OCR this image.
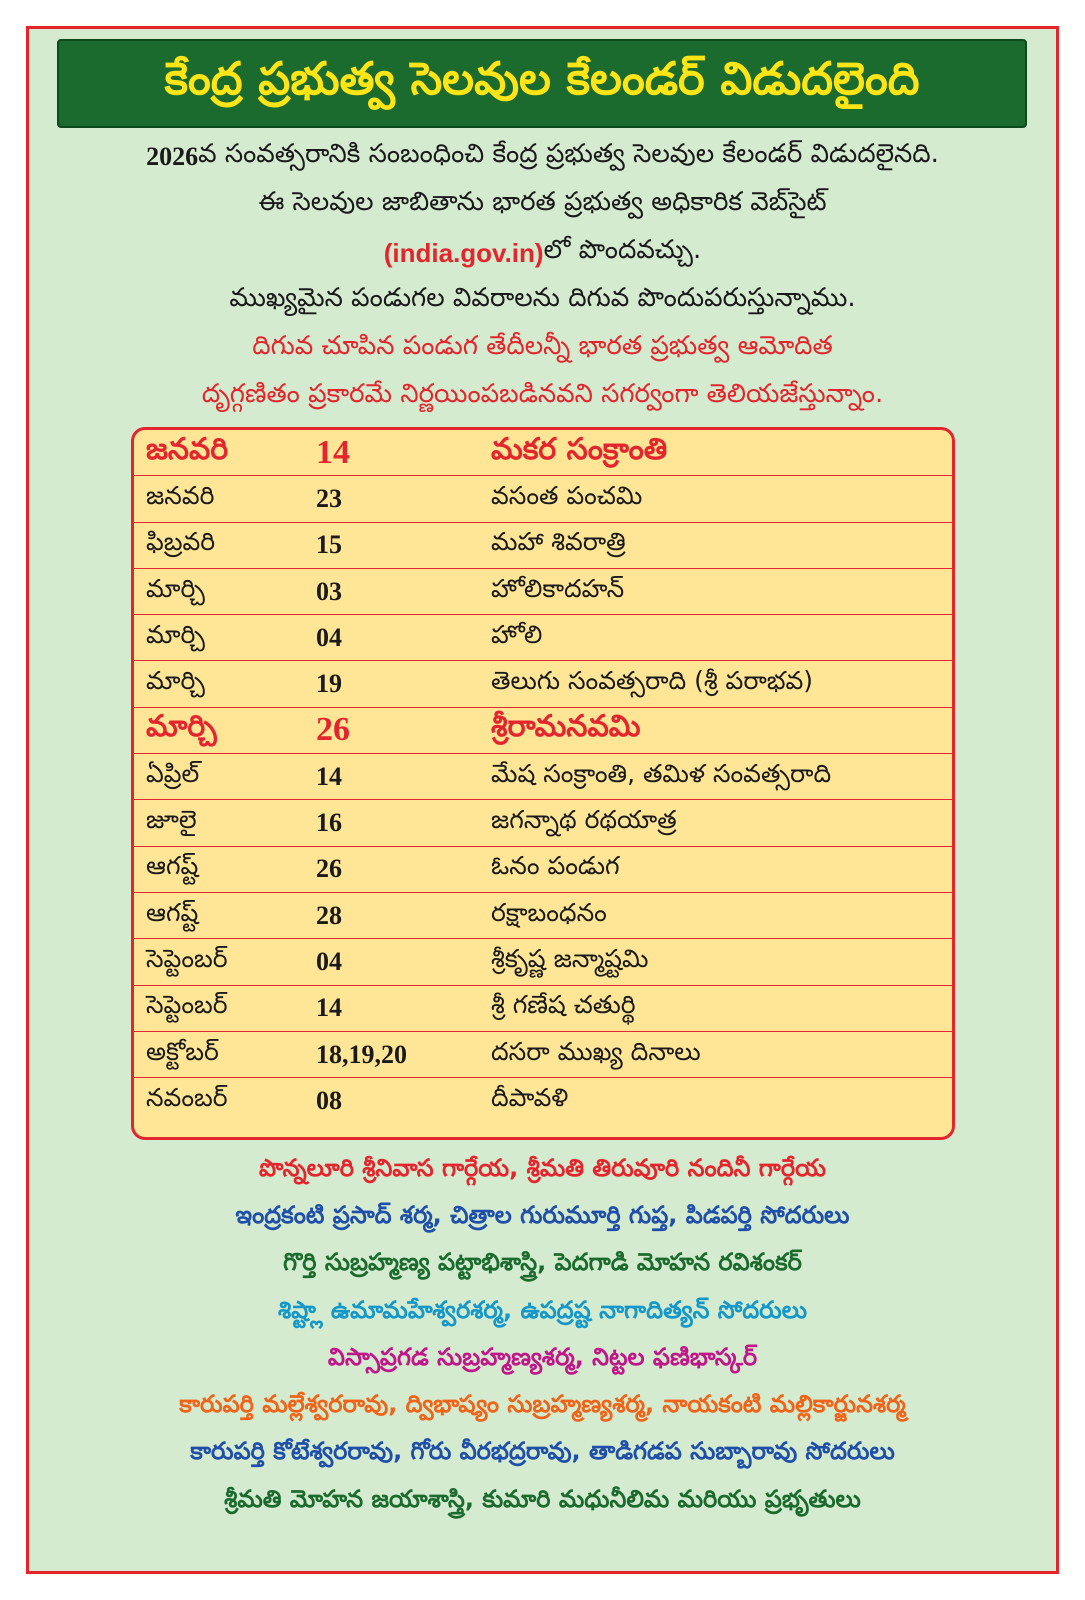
కేంద్ర ప్రభుత్వ సెలవుల కేలండర్ విడుదలైంది
2026 వ సంవత్సరానికి సంబంధించి కేంద్ర ప్రభుత్వ సెలవుల కేలండర్ విడుదలైనది.
ఈ సెలవుల జాబితాను భారత ప్రభుత్వ అధికారిక వెబ్‌సైట్
(india.gov.in) లో పొందవచ్చు.
ముఖ్యమైన పండుగల వివరాలను దిగువ పొందుపరుస్తున్నాము.
దిగువ చూపిన పండుగ తేదీలన్నీ భారత ప్రభుత్వ ఆమోదిత
దృగ్గణితం ప్రకారమే నిర్ణయింపబడినవని సగర్వంగా తెలియజేస్తున్నాం.
జనవరి	14	మకర సంక్రాంతి
జనవరి	23	వసంత పంచమి
ఫిబ్రవరి	15	మహా శివరాత్రి
మార్చి	03	హోలికాదహన్
మార్చి	04	హోలి
మార్చి	19	తెలుగు సంవత్సరాది (శ్రీ పరాభవ)
మార్చి	26	శ్రీరామనవమి
ఏప్రిల్	14	మేష సంక్రాంతి, తమిళ సంవత్సరాది
జూలై	16	జగన్నాథ రథయాత్ర
ఆగష్ట్	26	ఓనం పండుగ
ఆగష్ట్	28	రక్షాబంధనం
సెప్టెంబర్	04	శ్రీకృష్ణ జన్మాష్టమి
సెప్టెంబర్	14	శ్రీ గణేష చతుర్థి
అక్టోబర్	18,19,20	దసరా ముఖ్య దినాలు
నవంబర్	08	దీపావళి
పొన్నలూరి శ్రీనివాస గార్గేయ, శ్రీమతి తిరువూరి నందినీ గార్గేయ
ఇంద్రకంటి ప్రసాద్ శర్మ, చిత్రాల గురుమూర్తి గుప్త, పిడపర్తి సోదరులు
గొర్తి సుబ్రహ్మణ్య పట్టాభిశాస్త్రి, పెదగాడి మోహన రవిశంకర్
శిష్ట్లా ఉమామహేశ్వరశర్మ, ఉపద్రష్ట నాగాదిత్యన్ సోదరులు
విస్సాప్రగడ సుబ్రహ్మణ్యశర్మ, నిట్టల ఫణిభాస్కర్
కారుపర్తి మల్లేశ్వరరావు, ద్విభాష్యం సుబ్రహ్మణ్యశర్మ, నాయకంటి మల్లికార్జునశర్మ
కారుపర్తి కోటేశ్వరరావు, గోరు వీరభద్రరావు, తాడిగడప సుబ్బారావు సోదరులు
శ్రీమతి మోహన జయాశాస్త్రి, కుమారి మధునీలిమ మరియు ప్రభృతులు
